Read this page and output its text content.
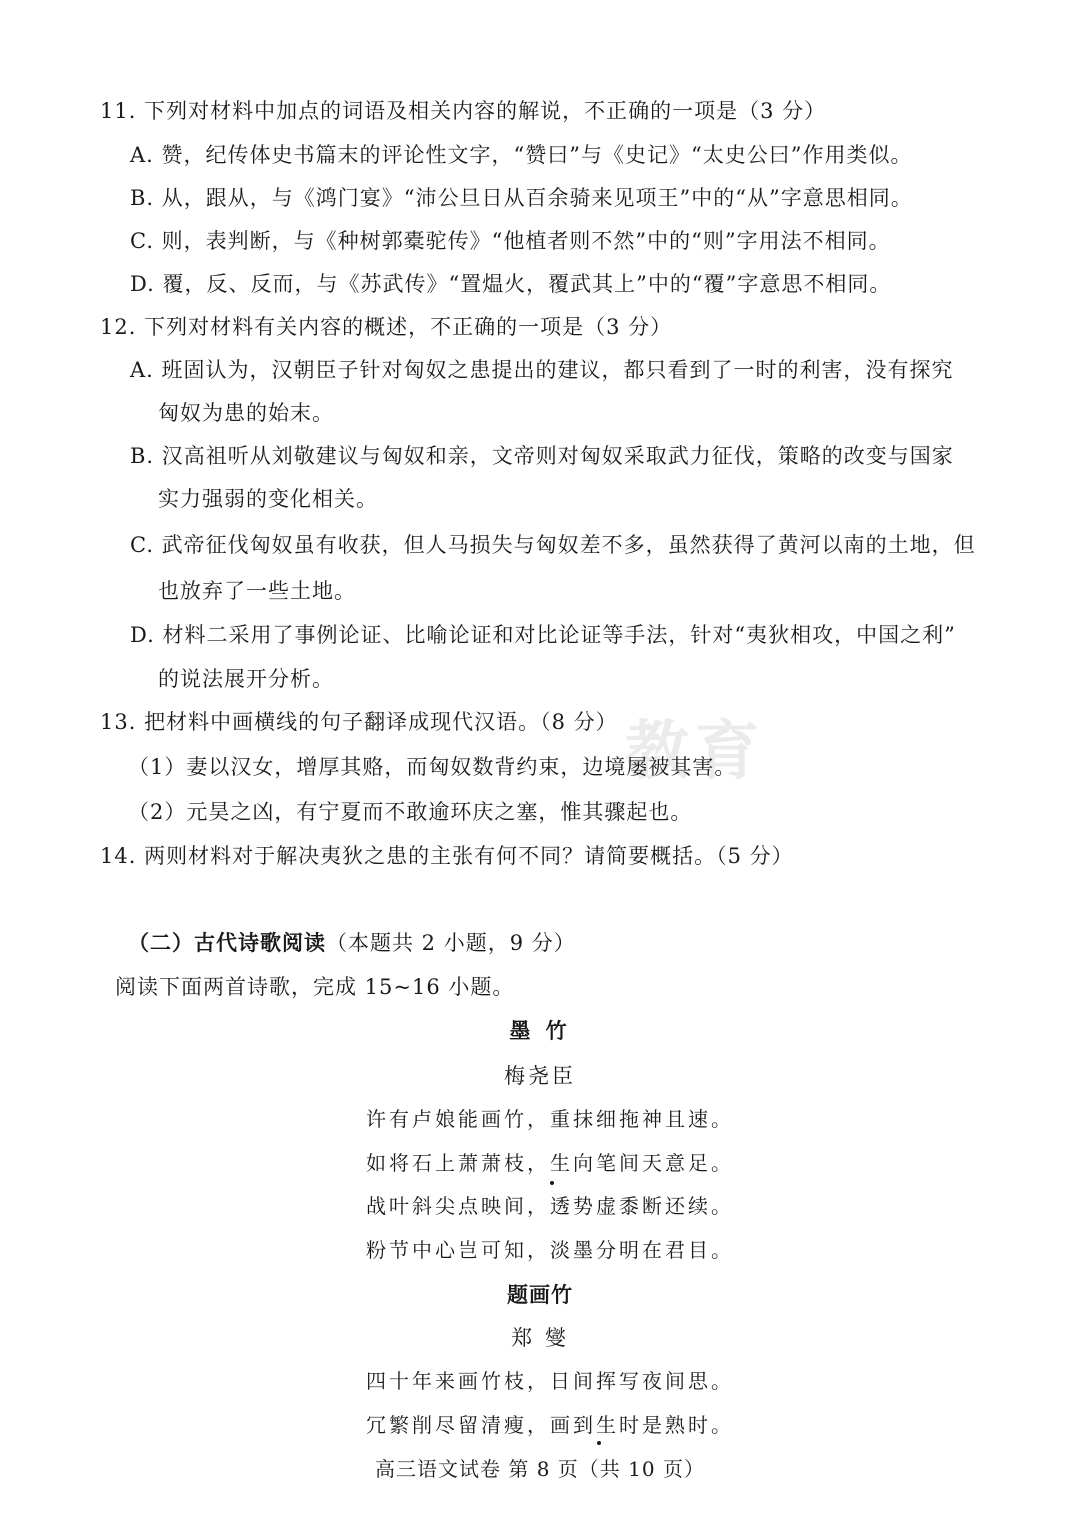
教育
11. 下列对材料中加点的词语及相关内容的解说，不正确的一项是（3 分）
A. 赞，纪传体史书篇末的评论性文字，“赞曰”与《史记》“太史公曰”作用类似。
B. 从，跟从，与《鸿门宴》“沛公旦日从百余骑来见项王”中的“从”字意思相同。
C. 则，表判断，与《种树郭橐驼传》“他植者则不然”中的“则”字用法不相同。
D. 覆，反、反而，与《苏武传》“置煴火，覆武其上”中的“覆”字意思不相同。
12. 下列对材料有关内容的概述，不正确的一项是（3 分）
A. 班固认为，汉朝臣子针对匈奴之患提出的建议，都只看到了一时的利害，没有探究
匈奴为患的始末。
B. 汉高祖听从刘敬建议与匈奴和亲，文帝则对匈奴采取武力征伐，策略的改变与国家
实力强弱的变化相关。
C. 武帝征伐匈奴虽有收获，但人马损失与匈奴差不多，虽然获得了黄河以南的土地，但
也放弃了一些土地。
D. 材料二采用了事例论证、比喻论证和对比论证等手法，针对“夷狄相攻，中国之利”
的说法展开分析。
13. 把材料中画横线的句子翻译成现代汉语。（8 分）
（1）妻以汉女，增厚其赂，而匈奴数背约束，边境屡被其害。
（2）元昊之凶，有宁夏而不敢逾环庆之塞，惟其骤起也。
14. 两则材料对于解决夷狄之患的主张有何不同？请简要概括。（5 分）
（二）古代诗歌阅读（本题共 2 小题，9 分）
阅读下面两首诗歌，完成 15~16 小题。
墨 竹
梅尧臣
许有卢娘能画竹，重抹细拖神且速。
如将石上萧萧枝，生向笔间天意足。
战叶斜尖点映间，透势虚黍断还续。
粉节中心岂可知，淡墨分明在君目。
题画竹
郑 燮
四十年来画竹枝，日间挥写夜间思。
冗繁削尽留清瘦，画到生时是熟时。
高三语文试卷 第 8 页（共 10 页）
